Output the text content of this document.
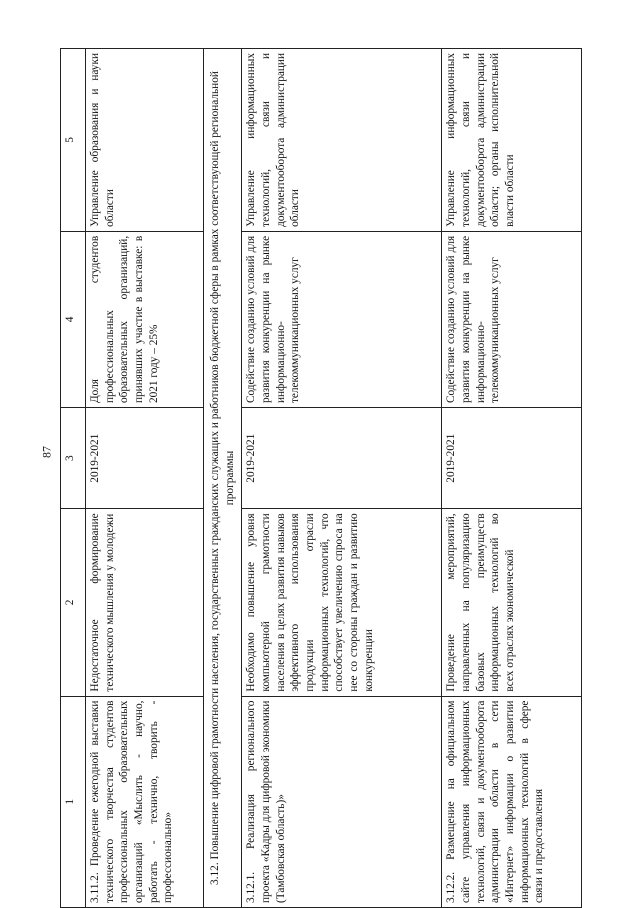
87
1	2	3	4	5
3.11.2. Проведение ежегодной выставки технического творчества студентов профессиональных образовательных организаций «Мыслить - научно, работать - технично, творить - профессионально»	Недостаточное формирование технического мышления у молодежи	2019-2021	Доля студентов профессиональных образовательных организаций, принявших участие в выставке: в 2021 году – 25%	Управление образования и науки области
3.12. Повышение цифровой грамотности населения, государственных гражданских служащих и работников бюджетной сферы в рамках соответствующей региональной программы				
3.12.1. Реализация регионального проекта «Кадры для цифровой экономики (Тамбовская область)»	Необходимо повышение уровня компьютерной грамотности населения в целях развития навыков эффективного использования продукции отрасли информационных технологий, что способствует увеличению спроса на нее со стороны граждан и развитию конкуренции	2019-2021	Содействие созданию условий для развития конкуренции на рынке информационно-телекоммуникационных услуг	Управление информационных технологий, связи и документооборота администрации области
3.12.2. Размещение на официальном сайте управления информационных технологий, связи и документооборота администрации области в сети «Интернет» информации о развитии информационных технологий в сфере связи и предоставления	Проведение мероприятий, направленных на популяризацию базовых преимуществ информационных технологий во всех отраслях экономической	2019-2021	Содействие созданию условий для развития конкуренции на рынке информационно-телекоммуникационных услуг	Управление информационных технологий, связи и документооборота администрации области; органы исполнительной власти области
